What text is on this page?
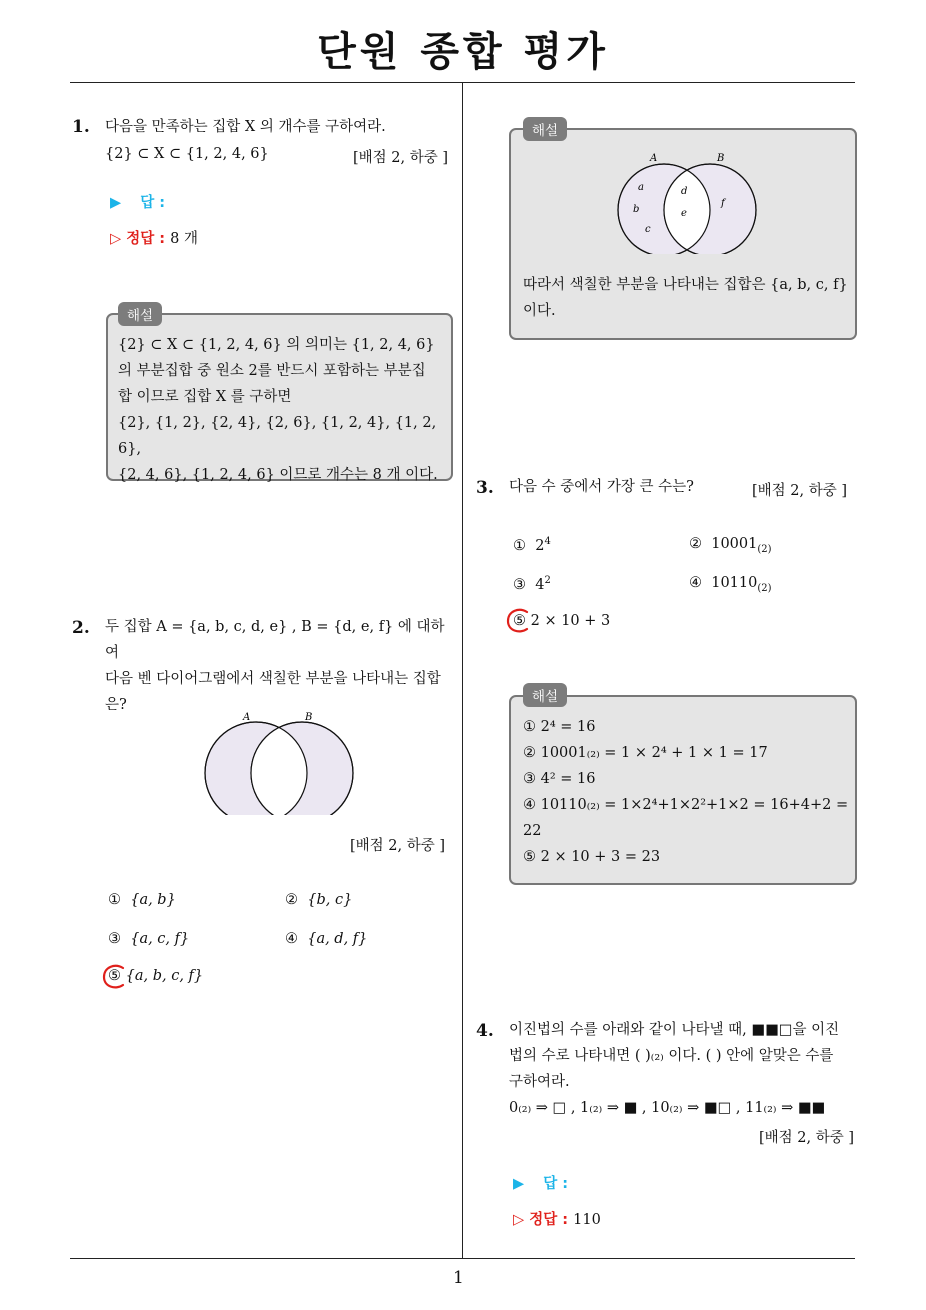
단원 종합 평가
1
1. 다음을 만족하는 집합 X 의 개수를 구하여라.
{2} ⊂ X ⊂ {1, 2, 4, 6}	[배점 2, 하중 ]
▶ 답 :
▷ 정답 : 8 개
{2} ⊂ X ⊂ {1, 2, 4, 6} 의 의미는 {1, 2, 4, 6}
의 부분집합 중 원소 2를 반드시 포함하는 부분집
합 이므로 집합 X 를 구하면
{2}, {1, 2}, {2, 4}, {2, 6}, {1, 2, 4}, {1, 2, 6},
{2, 4, 6}, {1, 2, 4, 6} 이므로 개수는 8 개 이다.
해설
2. 두 집합 A = {a, b, c, d, e} , B = {d, e, f} 에 대하여
다음 벤 다이어그램에서 색칠한 부분을 나타내는 집합
은?
A	B
[배점 2, 하중 ]
① {a, b}	② {b, c}
③ {a, c, f}	④ {a, d, f}
⑤ {a, b, c, f}
A	B
a
b
c
d
e
f
따라서 색칠한 부분을 나타내는 집합은 {a, b, c, f}
이다.
해설
3. 다음 수 중에서 가장 큰 수는?	[배점 2, 하중 ]
① $2^4$	② $10001_{(2)}$
③ $4^2$	④ $10110_{(2)}$
⑤ 2 × 10 + 3
① 2⁴ = 16
② 10001₍₂₎ = 1 × 2⁴ + 1 × 1 = 17
③ 4² = 16
④ 10110₍₂₎ = 1×2⁴+1×2²+1×2 = 16+4+2 =
22
⑤ 2 × 10 + 3 = 23
해설
4. 이진법의 수를 아래와 같이 나타낼 때, ■■□을 이진
법의 수로 나타내면 ( )₍₂₎ 이다. ( ) 안에 알맞은 수를
구하여라.
0₍₂₎ ⇒ □ , 1₍₂₎ ⇒ ■ , 10₍₂₎ ⇒ ■□ , 11₍₂₎ ⇒ ■■
[배점 2, 하중 ]
▶ 답 :
▷ 정답 : 110
